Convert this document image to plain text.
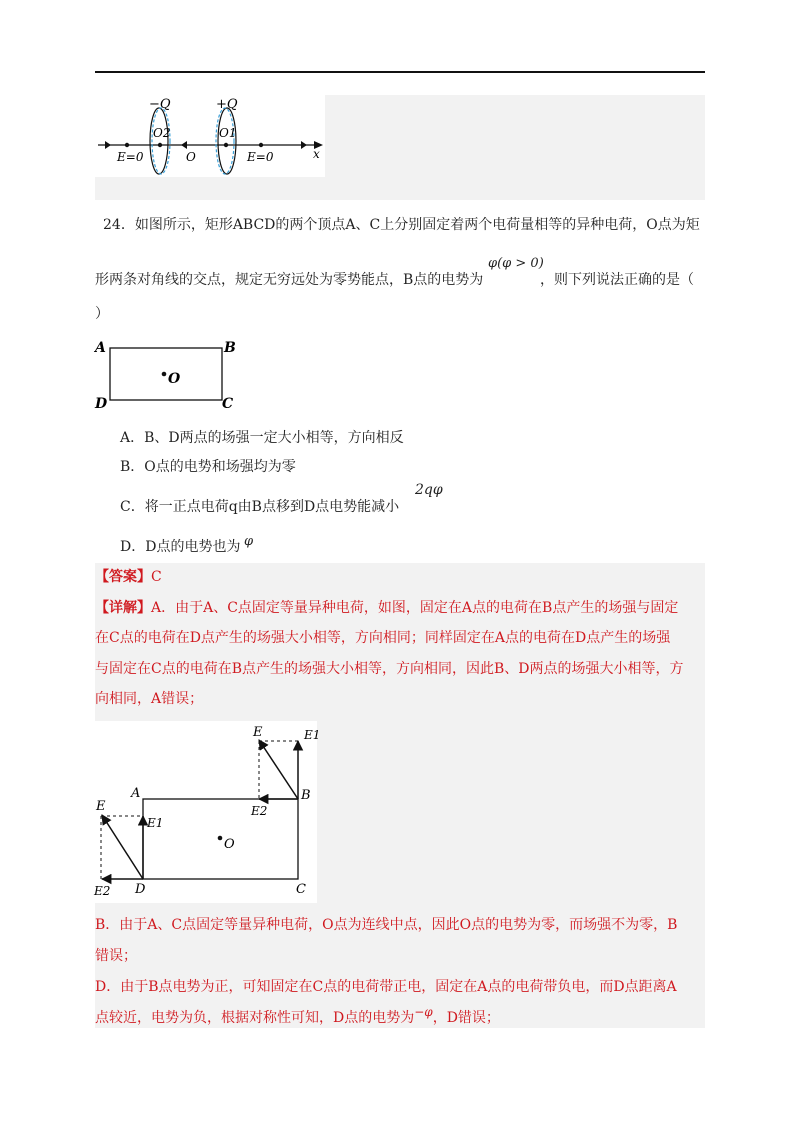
−Q	+Q
O2	O1
O
E=0	E=0	x
24．如图所示，矩形ABCD的两个顶点A、C上分别固定着两个电荷量相等的异种电荷，O点为矩
形两条对角线的交点，规定无穷远处为零势能点，B点的电势为
φ(φ > 0)
，则下列说法正确的是（
）
A	B
C
D
O
A．B、D两点的场强一定大小相等，方向相反
B．O点的电势和场强均为零
C．将一正点电荷q由B点移到D点电势能减小
2qφ
D．D点的电势也为 φ
【答案】C
【详解】A．由于A、C点固定等量异种电荷，如图，固定在A点的电荷在B点产生的场强与固定
在C点的电荷在D点产生的场强大小相等，方向相同；同样固定在A点的电荷在D点产生的场强
与固定在C点的电荷在B点产生的场强大小相等，方向相同，因此B、D两点的场强大小相等，方
向相同，A错误；
A	B
C
D
O
E	E1
E2
E
E1
E2
B．由于A、C点固定等量异种电荷，O点为连线中点，因此O点的电势为零，而场强不为零，B
错误；
D．由于B点电势为正，可知固定在C点的电荷带正电，固定在A点的电荷带负电，而D点距离A
点较近，电势为负，根据对称性可知，D点的电势为−φ，D错误；
